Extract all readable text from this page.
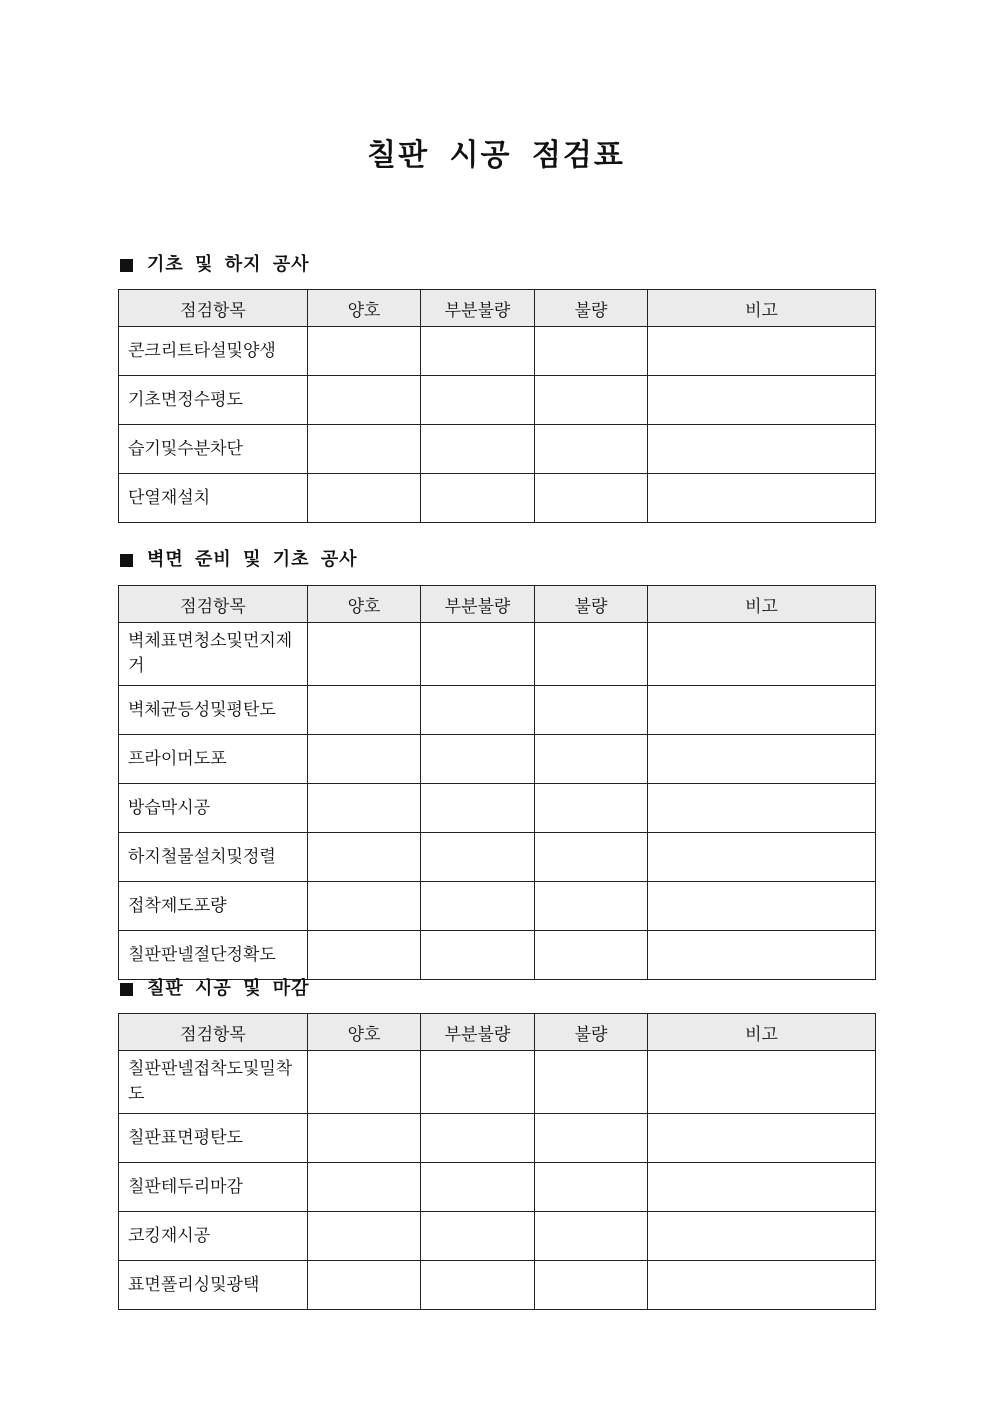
칠판 시공 점검표
기초 및 하지 공사
점검항목	양호	부분불량	불량	비고
콘크리트타설및양생				
기초면정수평도				
습기및수분차단				
단열재설치				
벽면 준비 및 기초 공사
점검항목	양호	부분불량	불량	비고
벽체표면청소및먼지제거				
벽체균등성및평탄도				
프라이머도포				
방습막시공				
하지철물설치및정렬				
접착제도포량				
칠판판넬절단정확도				
칠판 시공 및 마감
점검항목	양호	부분불량	불량	비고
칠판판넬접착도및밀착도				
칠판표면평탄도				
칠판테두리마감				
코킹재시공				
표면폴리싱및광택				
